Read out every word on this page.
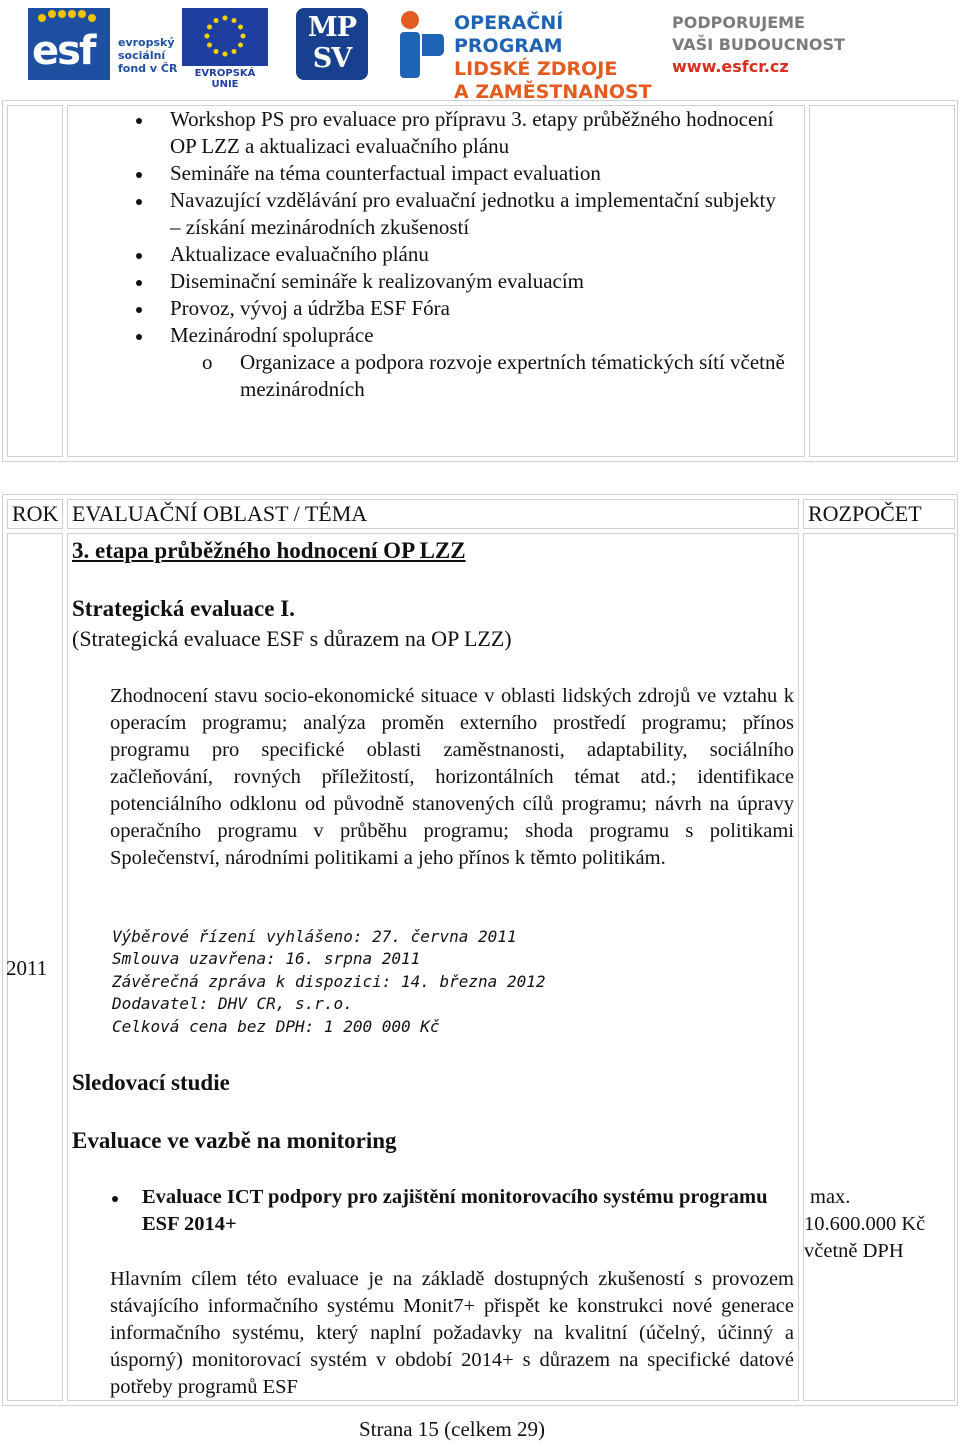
esf evropský
sociální
fond v ČR	EVROPSKÁ UNIE
MP
SV
OPERAČNÍ PROGRAM
LIDSKÉ ZDROJE
A ZAMĚSTNANOST
PODPORUJEME
VAŠI BUDOUCNOST
www.esfcr.cz
Workshop PS pro evaluace pro přípravu 3. etapy průběžného hodnocení OP LZZ a aktualizaci evaluačního plánu
Semináře na téma counterfactual impact evaluation
Navazující vzdělávání pro evaluační jednotku a implementační subjekty – získání mezinárodních zkušeností
Aktualizace evaluačního plánu
Diseminační semináře k realizovaným evaluacím
Provoz, vývoj a údržba ESF Fóra
Mezinárodní spolupráce
o Organizace a podpora rozvoje expertních tématických sítí včetně mezinárodních
ROK EVALUAČNÍ OBLAST / TÉMA	ROZPOČET
2011
3. etapa průběžného hodnocení OP LZZ
Strategická evaluace I.
(Strategická evaluace ESF s důrazem na OP LZZ)
Zhodnocení stavu socio-ekonomické situace v oblasti lidských zdrojů ve vztahu k operacím programu; analýza proměn externího prostředí programu; přínos programu pro specifické oblasti zaměstnanosti, adaptability, sociálního začleňování, rovných příležitostí, horizontálních témat atd.; identifikace potenciálního odklonu od původně stanovených cílů programu; návrh na úpravy operačního programu v průběhu programu; shoda programu s politikami Společenství, národními politikami a jeho přínos k těmto politikám.
Výběrové řízení vyhlášeno: 27. června 2011
Smlouva uzavřena: 16. srpna 2011
Závěrečná zpráva k dispozici: 14. března 2012
Dodavatel: DHV CR, s.r.o.
Celková cena bez DPH: 1 200 000 Kč
Sledovací studie
Evaluace ve vazbě na monitoring
Evaluace ICT podpory pro zajištění monitorovacího systému programu ESF 2014+
Hlavním cílem této evaluace je na základě dostupných zkušeností s provozem stávajícího informačního systému Monit7+ přispět ke konstrukci nové generace informačního systému, který naplní požadavky na kvalitní (účelný, účinný a úsporný) monitorovací systém v období 2014+ s důrazem na specifické datové potřeby programů ESF
max.
10.600.000 Kč
včetně DPH
Strana 15 (celkem 29)
